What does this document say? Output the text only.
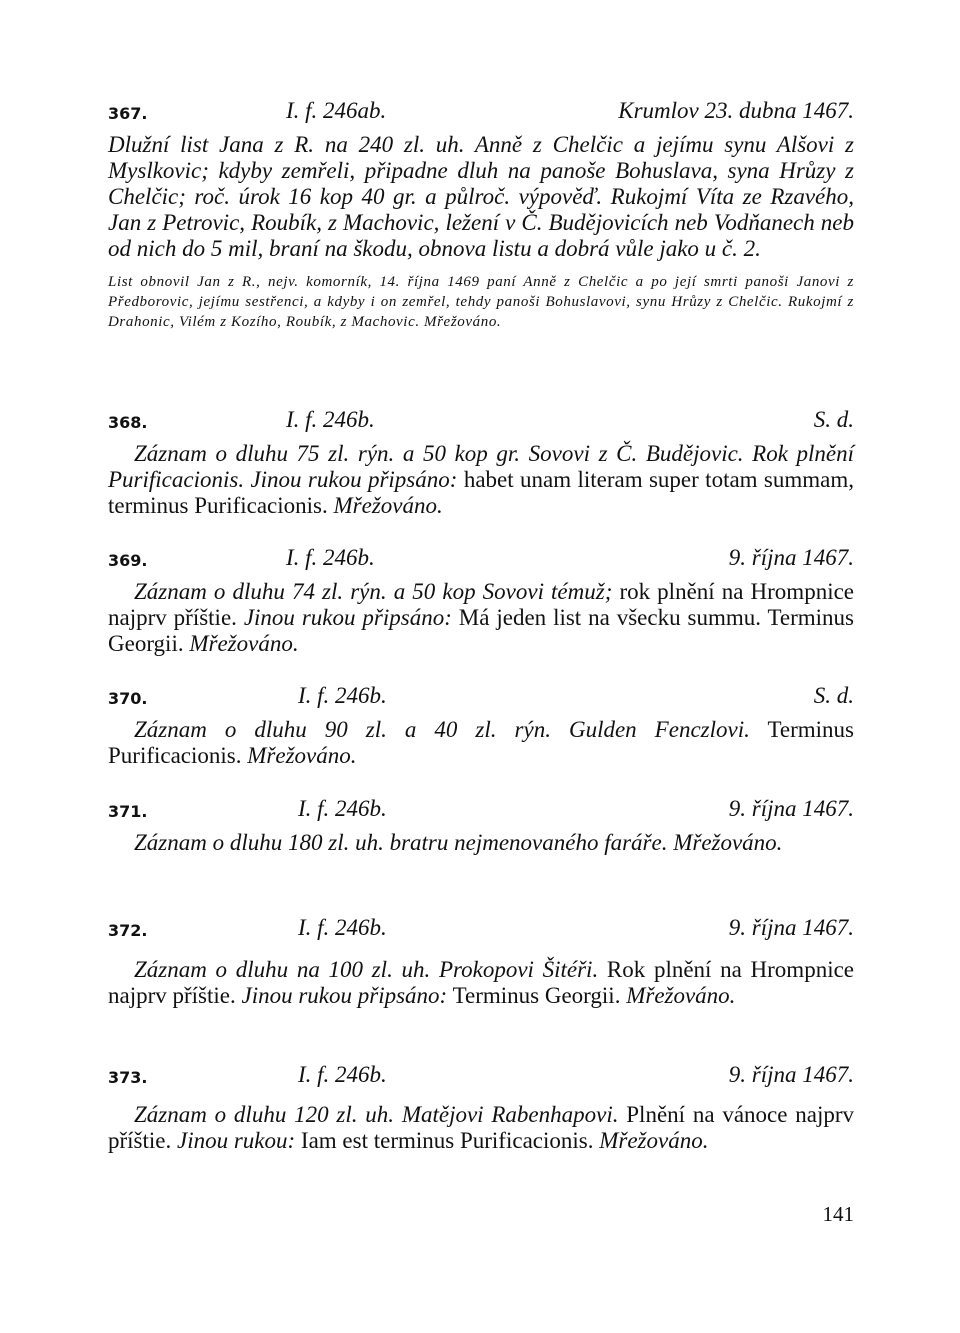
367.	I. f. 246ab.	Krumlov 23. dubna 1467.

Dlužní list Jana z R. na 240 zl. uh. Anně z Chelčic a jejímu synu Alšovi z Myslkovic; kdyby zemřeli, připadne dluh na panoše Bohuslava, syna Hrůzy z Chelčic; roč. úrok 16 kop 40 gr. a půlroč. výpověď. Rukojmí Víta ze Rzavého, Jan z Petrovic, Roubík, z Machovic, ležení v Č. Budějovicích neb Vodňanech neb od nich do 5 mil, braní na škodu, obnova listu a dobrá vůle jako u č. 2.

List obnovil Jan z R., nejv. komorník, 14. října 1469 paní Anně z Chelčic a po její smrti panoši Janovi z Předborovic, jejímu sestřenci, a kdyby i on zemřel, tehdy panoši Bohuslavovi, synu Hrůzy z Chelčic. Rukojmí z Drahonic, Vilém z Kozího, Roubík, z Machovic. Mřežováno.

368.	I. f. 246b.	S. d.

Záznam o dluhu 75 zl. rýn. a 50 kop gr. Sovovi z Č. Budějovic. Rok plnění Purificacionis. Jinou rukou připsáno: habet unam literam super totam summam, terminus Purificacionis. Mřežováno.

369.	I. f. 246b.	9. října 1467.

Záznam o dluhu 74 zl. rýn. a 50 kop Sovovi témuž; rok plnění na Hrompnice najprv příštie. Jinou rukou připsáno: Má jeden list na všecku summu. Terminus Georgii. Mřežováno.

370.	I. f. 246b.	S. d.

Záznam o dluhu 90 zl. a 40 zl. rýn. Gulden Fenczlovi. Terminus Purificacionis. Mřežováno.

371.	I. f. 246b.	9. října 1467.

Záznam o dluhu 180 zl. uh. bratru nejmenovaného faráře. Mřežováno.

372.	I. f. 246b.	9. října 1467.

Záznam o dluhu na 100 zl. uh. Prokopovi Šitéři. Rok plnění na Hrompnice najprv příštie. Jinou rukou připsáno: Terminus Georgii. Mřežováno.

373.	I. f. 246b.	9. října 1467.

Záznam o dluhu 120 zl. uh. Matějovi Rabenhapovi. Plnění na vánoce najprv příštie. Jinou rukou: Iam est terminus Purificacionis. Mřežováno.

141
